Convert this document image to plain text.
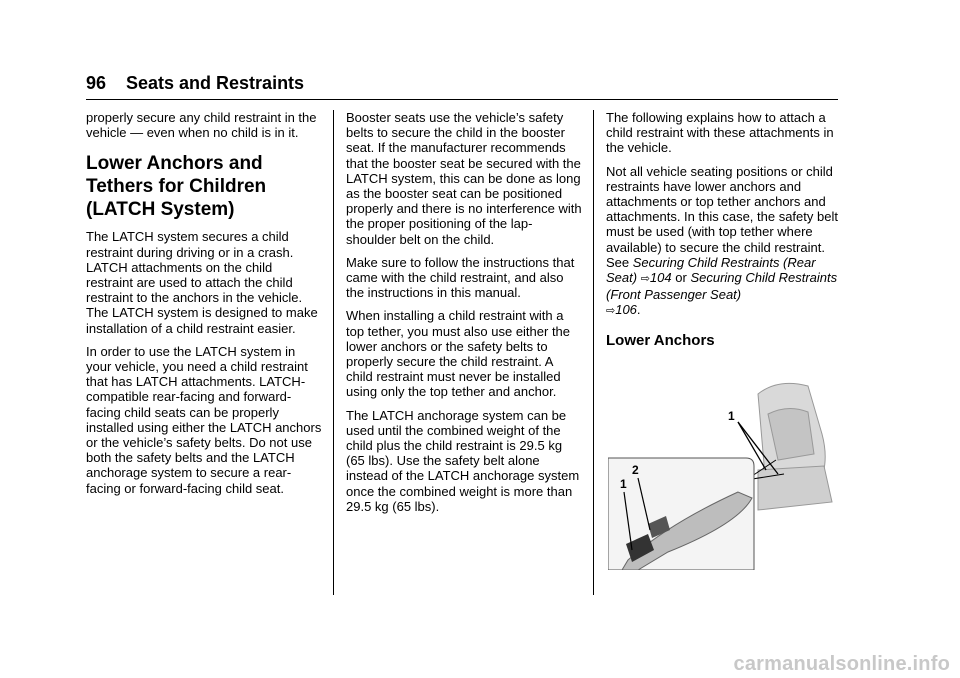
96 Seats and Restraints

properly secure any child restraint in the vehicle — even when no child is in it.

Lower Anchors and Tethers for Children (LATCH System)

The LATCH system secures a child restraint during driving or in a crash. LATCH attachments on the child restraint are used to attach the child restraint to the anchors in the vehicle. The LATCH system is designed to make installation of a child restraint easier.

In order to use the LATCH system in your vehicle, you need a child restraint that has LATCH attachments. LATCH-compatible rear-facing and forward-facing child seats can be properly installed using either the LATCH anchors or the vehicle’s safety belts. Do not use both the safety belts and the LATCH anchorage system to secure a rear-facing or forward-facing child seat.

Booster seats use the vehicle’s safety belts to secure the child in the booster seat. If the manufacturer recommends that the booster seat be secured with the LATCH system, this can be done as long as the booster seat can be positioned properly and there is no interference with the proper positioning of the lap-shoulder belt on the child.

Make sure to follow the instructions that came with the child restraint, and also the instructions in this manual.

When installing a child restraint with a top tether, you must also use either the lower anchors or the safety belts to properly secure the child restraint. A child restraint must never be installed using only the top tether and anchor.

The LATCH anchorage system can be used until the combined weight of the child plus the child restraint is 29.5 kg (65 lbs). Use the safety belt alone instead of the LATCH anchorage system once the combined weight is more than 29.5 kg (65 lbs).

The following explains how to attach a child restraint with these attachments in the vehicle.

Not all vehicle seating positions or child restraints have lower anchors and attachments or top tether anchors and attachments. In this case, the safety belt must be used (with top tether where available) to secure the child restraint. See Securing Child Restraints (Rear Seat) ⇨104 or Securing Child Restraints (Front Passenger Seat)
⇨106.

Lower Anchors
1
2
1
carmanualsonline.info
